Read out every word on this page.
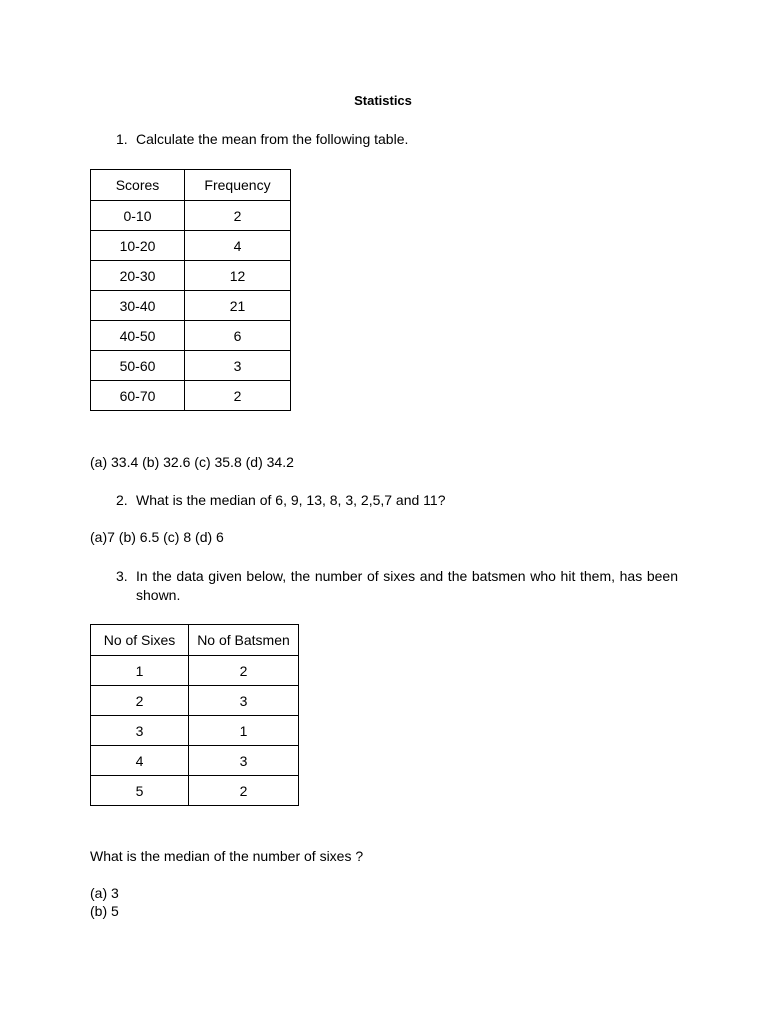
Statistics
1. Calculate the mean from the following table.
Scores	Frequency
0-10	2
10-20	4
20-30	12
30-40	21
40-50	6
50-60	3
60-70	2
(a) 33.4 (b) 32.6 (c) 35.8 (d) 34.2
2. What is the median of 6, 9, 13, 8, 3, 2,5,7 and 11?
(a)7 (b) 6.5 (c) 8 (d) 6
3. In the data given below, the number of sixes and the batsmen who hit them, has been shown.
No of Sixes	No of Batsmen
1	2
2	3
3	1
4	3
5	2
What is the median of the number of sixes ?
(a) 3
(b) 5
